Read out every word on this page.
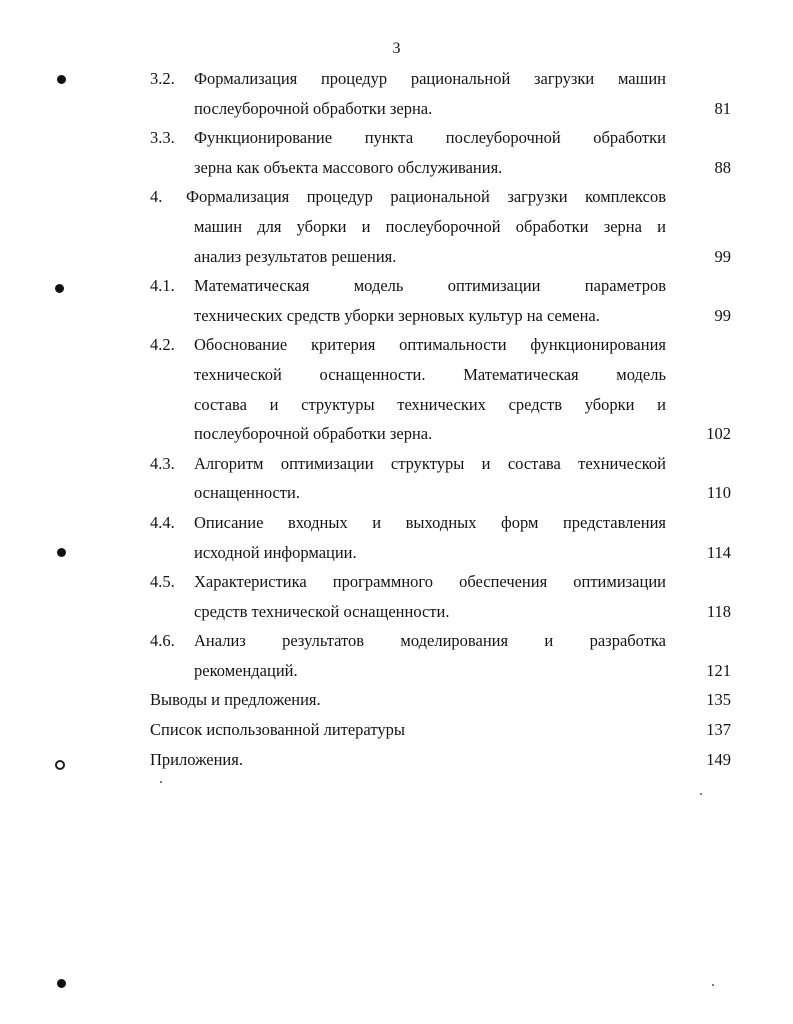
3
3.2. Формализация процедур рациональной загрузки машин
послеуборочной обработки зерна.	81
3.3. Функционирование пункта послеуборочной обработки
зерна как объекта массового обслуживания.	88
4. Формализация процедур рациональной загрузки комплексов
машин для уборки и послеуборочной обработки зерна и
анализ результатов решения.	99
4.1. Математическая модель оптимизации параметров
технических средств уборки зерновых культур на семена.	99
4.2. Обоснование критерия оптимальности функционирования
технической оснащенности. Математическая модель
состава и структуры технических средств уборки и
послеуборочной обработки зерна.	102
4.3. Алгоритм оптимизации структуры и состава технической
оснащенности.	110
4.4. Описание входных и выходных форм представления
исходной информации.	114
4.5. Характеристика программного обеспечения оптимизации
средств технической оснащенности.	118
4.6. Анализ результатов моделирования и разработка
рекомендаций.	121
Выводы и предложения.	135
Список использованной литературы	137
Приложения.	149
